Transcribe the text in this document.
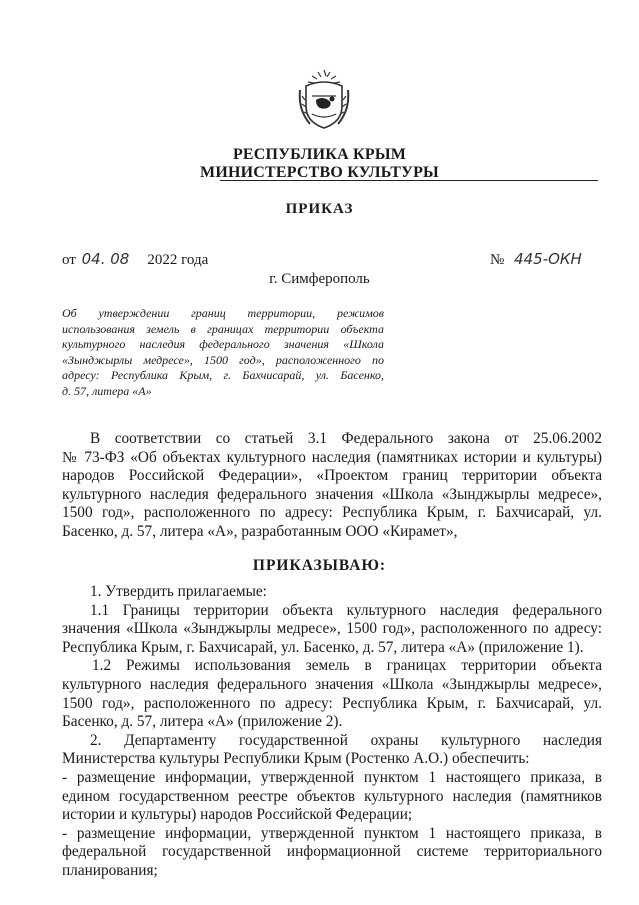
РЕСПУБЛИКА КРЫМ
МИНИСТЕРСТВО КУЛЬТУРЫ
ПРИКАЗ
от 04. 08 2022 года	№ 445-ОКН
г. Симферополь
Об утверждении границ территории, режимов
использования земель в границах территории объекта
культурного наследия федерального значения «Школа
«Зынджырлы медресе», 1500 год», расположенного по
адресу: Республика Крым, г. Бахчисарай, ул. Басенко,
д. 57, литера «А»
В соответствии со статьей 3.1 Федерального закона от 25.06.2002
№ 73-ФЗ «Об объектах культурного наследия (памятниках истории и культуры)
народов Российской Федерации», «Проектом границ территории объекта
культурного наследия федерального значения «Школа «Зынджырлы медресе»,
1500 год», расположенного по адресу: Республика Крым, г. Бахчисарай, ул.
Басенко, д. 57, литера «А», разработанным ООО «Кирамет»,
ПРИКАЗЫВАЮ:
1. Утвердить прилагаемые:
1.1 Границы территории объекта культурного наследия федерального
значения «Школа «Зынджырлы медресе», 1500 год», расположенного по адресу:
Республика Крым, г. Бахчисарай, ул. Басенко, д. 57, литера «А» (приложение 1).
1.2 Режимы использования земель в границах территории объекта
культурного наследия федерального значения «Школа «Зынджырлы медресе»,
1500 год», расположенного по адресу: Республика Крым, г. Бахчисарай, ул.
Басенко, д. 57, литера «А» (приложение 2).
2. Департаменту государственной охраны культурного наследия
Министерства культуры Республики Крым (Ростенко А.О.) обеспечить:
- размещение информации, утвержденной пунктом 1 настоящего приказа, в
едином государственном реестре объектов культурного наследия (памятников
истории и культуры) народов Российской Федерации;
- размещение информации, утвержденной пунктом 1 настоящего приказа, в
федеральной государственной информационной системе территориального
планирования;
